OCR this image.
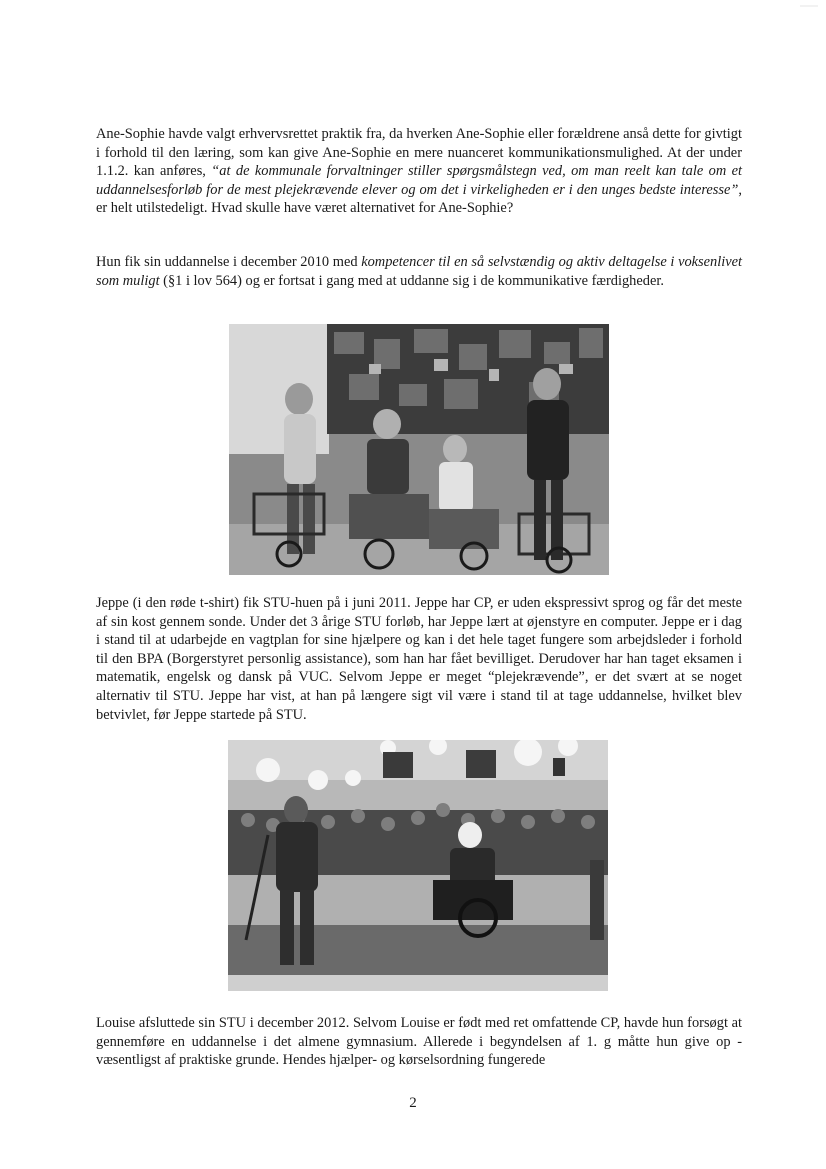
Ane-Sophie havde valgt erhvervsrettet praktik fra, da hverken Ane-Sophie eller forældrene anså dette for givtigt i forhold til den læring, som kan give Ane-Sophie en mere nuanceret kommunikationsmulighed. At der under 1.1.2. kan anføres, “at de kommunale forvaltninger stiller spørgsmålstegn ved, om man reelt kan tale om et uddannelsesforløb for de mest plejekrævende elever og om det i virkeligheden er i den unges bedste interesse”, er helt utilstedeligt. Hvad skulle have været alternativet for Ane-Sophie?

Hun fik sin uddannelse i december 2010 med kompetencer til en så selvstændig og aktiv deltagelse i voksenlivet som muligt (§1 i lov 564) og er fortsat i gang med at uddanne sig i de kommunikative færdigheder.

Jeppe (i den røde t-shirt) fik STU-huen på i juni 2011. Jeppe har CP, er uden ekspressivt sprog og får det meste af sin kost gennem sonde. Under det 3 årige STU forløb, har Jeppe lært at øjenstyre en computer. Jeppe er i dag i stand til at udarbejde en vagtplan for sine hjælpere og kan i det hele taget fungere som arbejdsleder i forhold til den BPA (Borgerstyret personlig assistance), som han har fået bevilliget. Derudover har han taget eksamen i matematik, engelsk og dansk på VUC. Selvom Jeppe er meget “plejekrævende”, er det svært at se noget alternativ til STU. Jeppe har vist, at han på længere sigt vil være i stand til at tage uddannelse, hvilket blev betvivlet, før Jeppe startede på STU.

Louise afsluttede sin STU i december 2012. Selvom Louise er født med ret omfattende CP, havde hun forsøgt at gennemføre en uddannelse i det almene gymnasium. Allerede i begyndelsen af 1. g måtte hun give op - væsentligst af praktiske grunde. Hendes hjælper- og kørselsordning fungerede

2
